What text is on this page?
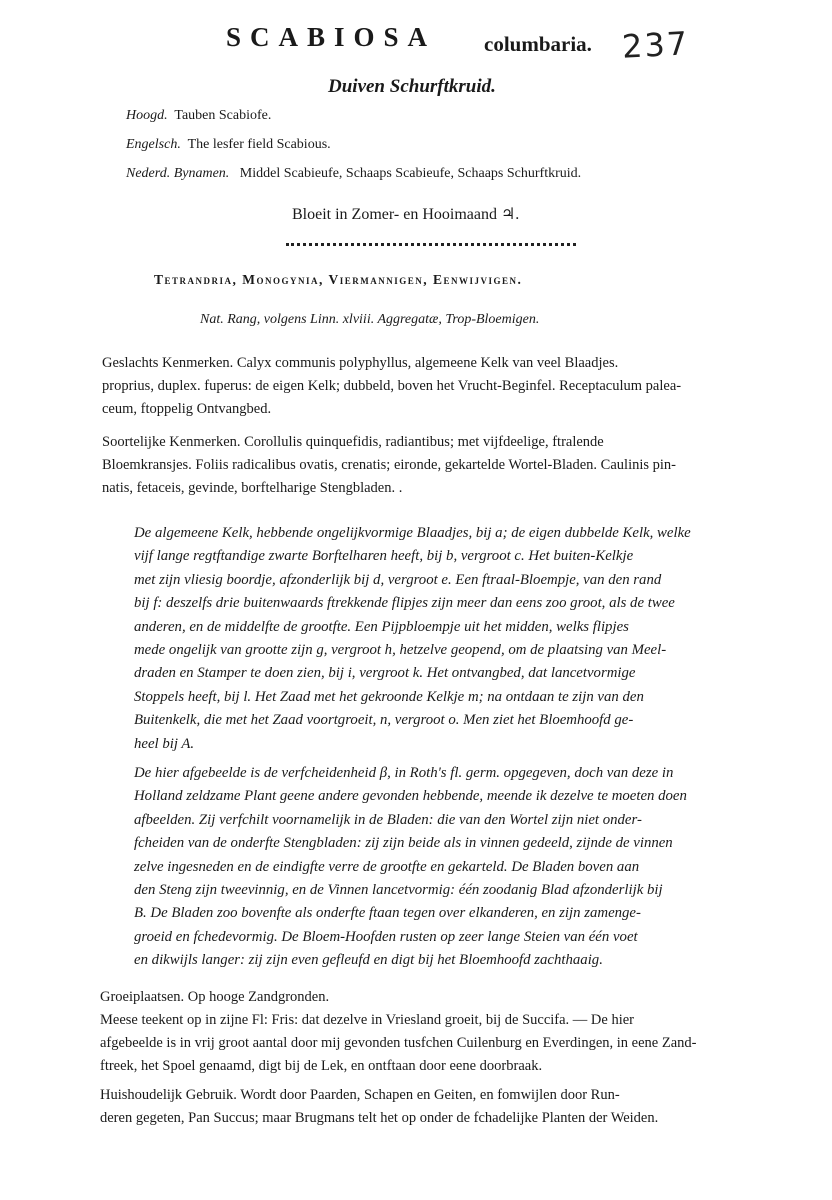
SCABIOSA columbaria. 237
Duiven Schurftkruid.
Hoogd. Tauben Scabiofe.
Engelsch. The lesfer field Scabious.
Nederd. Bynamen. Middel Scabieufe, Schaaps Scabieufe, Schaaps Schurftkruid.
Bloeit in Zomer- en Hooimaand ♃.
Tetrandria, Monogynia, Viermannigen, Eenwijvigen.
Nat. Rang, volgens Linn. xlviii. Aggregatæ, Trop-Bloemigen.

Geslachts Kenmerken. Calyx communis polyphyllus, algemeene Kelk van veel Blaadjes.

proprius, duplex. fuperus: de eigen Kelk; dubbeld, boven het Vrucht-Beginfel. Receptaculum palea-

ceum, ftoppelig Ontvangbed.

Soortelijke Kenmerken. Corollulis quinquefidis, radiantibus; met vijfdeelige, ftralende

Bloemkransjes. Foliis radicalibus ovatis, crenatis; eironde, gekartelde Wortel-Bladen. Caulinis pin-

natis, fetaceis, gevinde, borftelharige Stengbladen. .

De algemeene Kelk, hebbende ongelijkvormige Blaadjes, bij a; de eigen dubbelde Kelk, welke

vijf lange regtftandige zwarte Borftelharen heeft, bij b, vergroot c. Het buiten-Kelkje

met zijn vliesig boordje, afzonderlijk bij d, vergroot e. Een ftraal-Bloempje, van den rand

bij f: deszelfs drie buitenwaards ftrekkende flipjes zijn meer dan eens zoo groot, als de twee

anderen, en de middelfte de grootfte. Een Pijpbloempje uit het midden, welks flipjes

mede ongelijk van grootte zijn g, vergroot h, hetzelve geopend, om de plaatsing van Meel-

draden en Stamper te doen zien, bij i, vergroot k. Het ontvangbed, dat lancetvormige

Stoppels heeft, bij l. Het Zaad met het gekroonde Kelkje m; na ontdaan te zijn van den

Buitenkelk, die met het Zaad voortgroeit, n, vergroot o. Men ziet het Bloemhoofd ge-

heel bij A.

De hier afgebeelde is de verfcheidenheid β, in Roth's fl. germ. opgegeven, doch van deze in

Holland zeldzame Plant geene andere gevonden hebbende, meende ik dezelve te moeten doen

afbeelden. Zij verfchilt voornamelijk in de Bladen: die van den Wortel zijn niet onder-

fcheiden van de onderfte Stengbladen: zij zijn beide als in vinnen gedeeld, zijnde de vinnen

zelve ingesneden en de eindigfte verre de grootfte en gekarteld. De Bladen boven aan

den Steng zijn tweevinnig, en de Vinnen lancetvormig: één zoodanig Blad afzonderlijk bij

B. De Bladen zoo bovenfte als onderfte ftaan tegen over elkanderen, en zijn zamenge-

groeid en fchedevormig. De Bloem-Hoofden rusten op zeer lange Steien van één voet

en dikwijls langer: zij zijn even gefleufd en digt bij het Bloemhoofd zachthaaig.

Groeiplaatsen. Op hooge Zandgronden.

Meese teekent op in zijne Fl: Fris: dat dezelve in Vriesland groeit, bij de Succifa. — De hier

afgebeelde is in vrij groot aantal door mij gevonden tusfchen Cuilenburg en Everdingen, in eene Zand-

ftreek, het Spoel genaamd, digt bij de Lek, en ontftaan door eene doorbraak.

Huishoudelijk Gebruik. Wordt door Paarden, Schapen en Geiten, en fomwijlen door Run-

deren gegeten, Pan Succus; maar Brugmans telt het op onder de fchadelijke Planten der Weiden.
